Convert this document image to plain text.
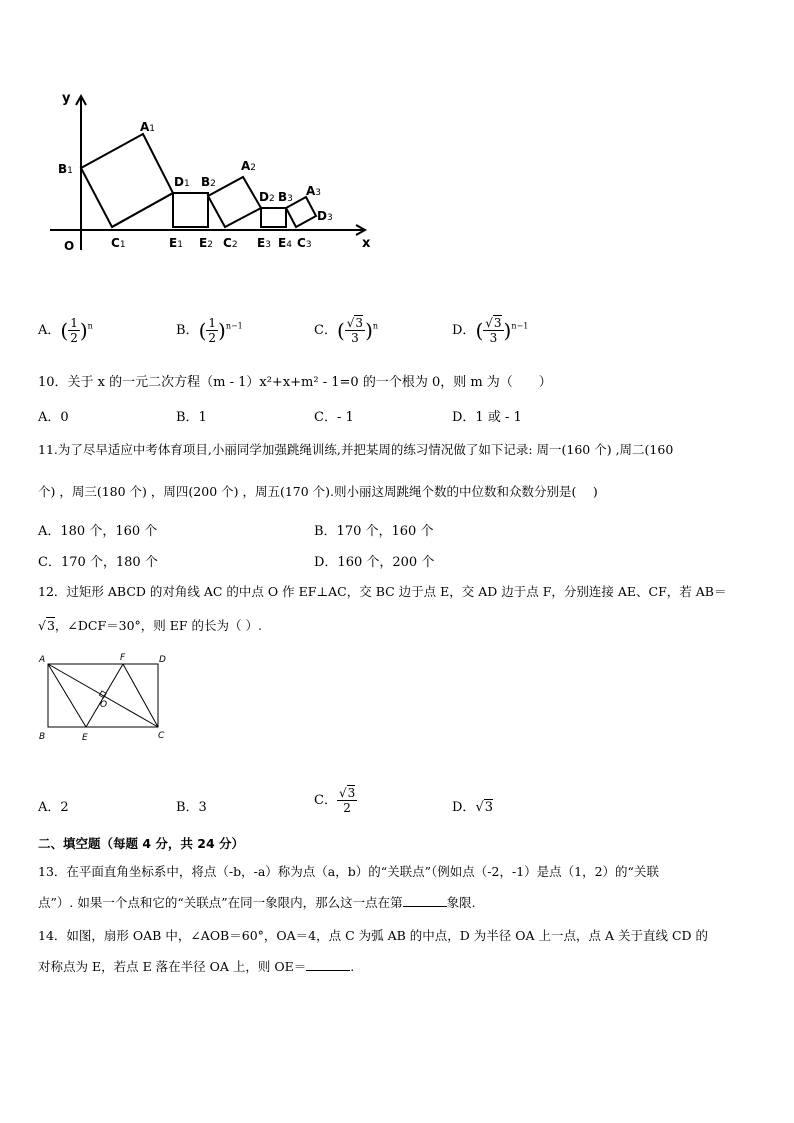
y
x
O
B1
A1
C1
D1
E1
B2
A2
E2 C2
D2 B3
A3
D3
E3 E4 C3
A．( $\frac{1}{2} )^n$	B．( $\frac{1}{2} )^{n-1}$	C．( $\frac{√3}{3} )^n$	D．( $\frac{√3}{3} )^{n-1}$
10．关于 x 的一元二次方程（m - 1）x²+x+m² - 1=0 的一个根为 0，则 m 为（　　）
A．0	B．1	C．- 1	D．1 或 - 1
11.为了尽早适应中考体育项目,小丽同学加强跳绳训练,并把某周的练习情况做了如下记录: 周一(160 个) ,周二(160
个) ，周三(180 个) ，周四(200 个) ，周五(170 个).则小丽这周跳绳个数的中位数和众数分别是(　 )
A．180 个，160 个	B．170 个，160 个
C．170 个，180 个	D．160 个，200 个
12．过矩形 ABCD 的对角线 AC 的中点 O 作 EF⊥AC，交 BC 边于点 E，交 AD 边于点 F，分别连接 AE、CF，若 AB＝
√3，∠DCF＝30°，则 EF 的长为（ ）.
A	F	D
O
B	E	C
A．2	B．3	C． $\frac{√3}{2}$	D．√3
二、填空题（每题 4 分，共 24 分）
13．在平面直角坐标系中，将点（-b，-a）称为点（a，b）的“关联点”（例如点（-2，-1）是点（1，2）的“关联
点”）. 如果一个点和它的“关联点”在同一象限内，那么这一点在第	象限.
14．如图，扇形 OAB 中，∠AOB＝60°，OA＝4，点 C 为弧 AB 的中点，D 为半径 OA 上一点，点 A 关于直线 CD 的
对称点为 E，若点 E 落在半径 OA 上，则 OE＝	.
